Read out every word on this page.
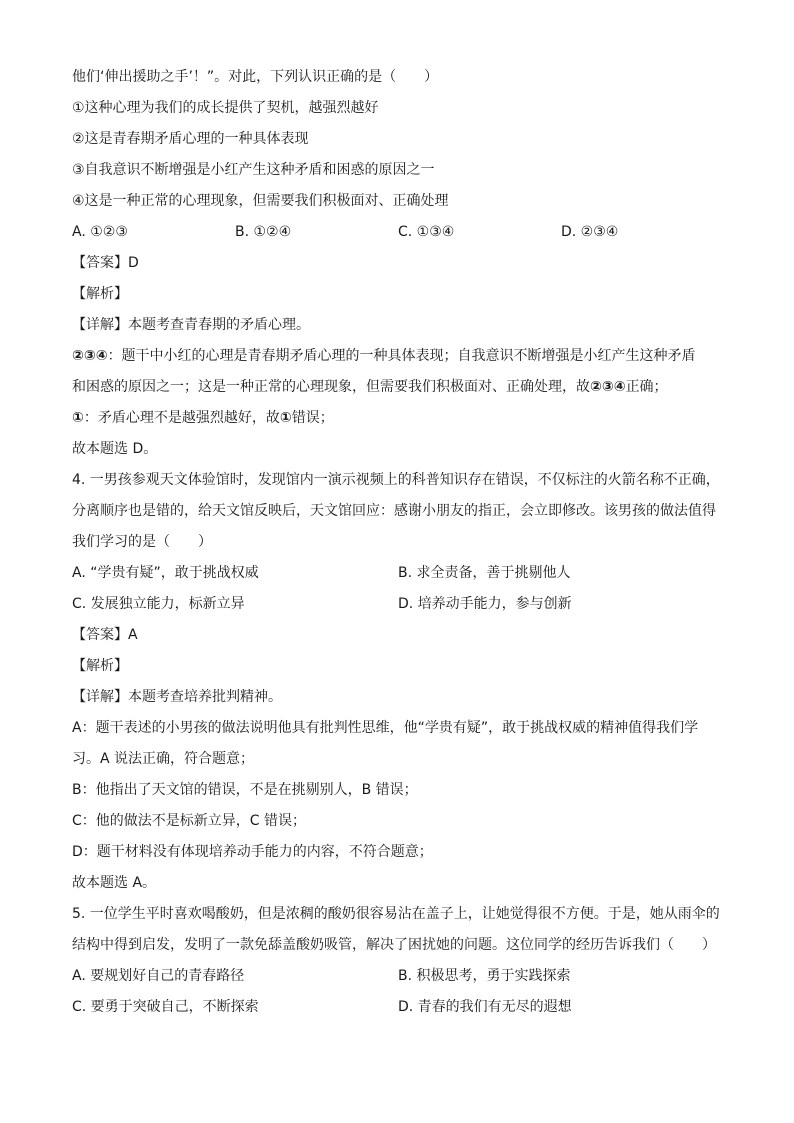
他们‘伸出援助之手’！”。对此，下列认识正确的是（　　）
①这种心理为我们的成长提供了契机，越强烈越好
②这是青春期矛盾心理的一种具体表现
③自我意识不断增强是小红产生这种矛盾和困惑的原因之一
④这是一种正常的心理现象，但需要我们积极面对、正确处理
A. ①②③	B. ①②④	C. ①③④	D. ②③④
【答案】D
【解析】
【详解】本题考查青春期的矛盾心理。
②③④：题干中小红的心理是青春期矛盾心理的一种具体表现；自我意识不断增强是小红产生这种矛盾
和困惑的原因之一；这是一种正常的心理现象，但需要我们积极面对、正确处理，故②③④正确；
①：矛盾心理不是越强烈越好，故①错误；
故本题选 D。
4. 一男孩参观天文体验馆时，发现馆内一演示视频上的科普知识存在错误，不仅标注的火箭名称不正确，
分离顺序也是错的，给天文馆反映后，天文馆回应：感谢小朋友的指正，会立即修改。该男孩的做法值得
我们学习的是（　　）
A. “学贵有疑”，敢于挑战权威	B. 求全责备，善于挑剔他人
C. 发展独立能力，标新立异	D. 培养动手能力，参与创新
【答案】A
【解析】
【详解】本题考查培养批判精神。
A：题干表述的小男孩的做法说明他具有批判性思维，他“学贵有疑”，敢于挑战权威的精神值得我们学
习。A 说法正确，符合题意；
B：他指出了天文馆的错误，不是在挑剔别人，B 错误；
C：他的做法不是标新立异，C 错误；
D：题干材料没有体现培养动手能力的内容，不符合题意；
故本题选 A。
5. 一位学生平时喜欢喝酸奶，但是浓稠的酸奶很容易沾在盖子上，让她觉得很不方便。于是，她从雨伞的
结构中得到启发，发明了一款免舔盖酸奶吸管，解决了困扰她的问题。这位同学的经历告诉我们（　　）
A. 要规划好自己的青春路径	B. 积极思考，勇于实践探索
C. 要勇于突破自己，不断探索	D. 青春的我们有无尽的遐想
